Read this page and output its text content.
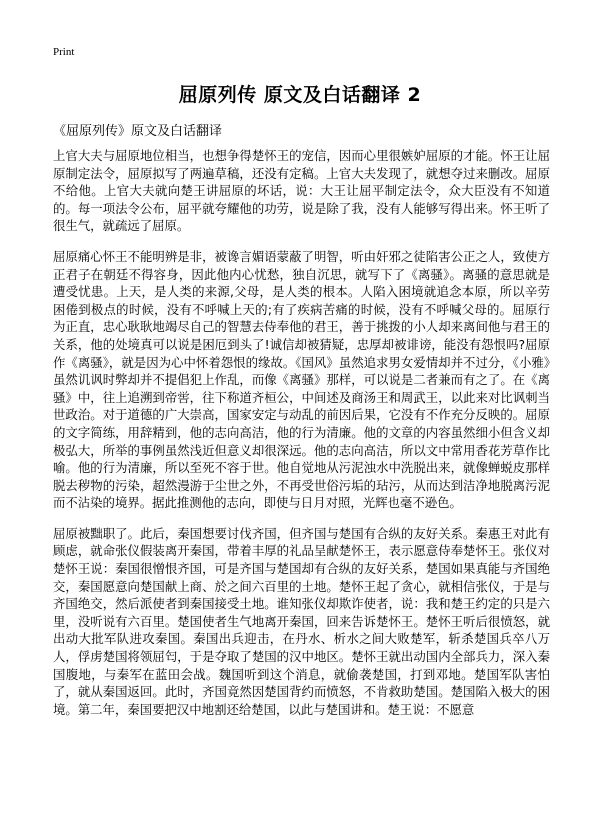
Print
屈原列传 原文及白话翻译 2
《屈原列传》原文及白话翻译

上官大夫与屈原地位相当，也想争得楚怀王的宠信，因而心里很嫉妒屈原的才能。怀王让屈原制定法令，屈原拟写了两遍草稿，还没有定稿。上官大夫发现了，就想夺过来删改。屈原不给他。上官大夫就向楚王讲屈原的坏话，说：大王让屈平制定法令，众大臣没有不知道的。每一项法令公布，屈平就夸耀他的功劳，说是除了我，没有人能够写得出来。怀王听了很生气，就疏远了屈原。

屈原痛心怀王不能明辨是非，被谗言媚语蒙蔽了明智，听由奸邪之徒陷害公正之人，致使方正君子在朝廷不得容身，因此他内心忧愁，独自沉思，就写下了《离骚》。离骚的意思就是遭受忧患。上天，是人类的来源,父母，是人类的根本。人陷入困境就追念本原，所以辛劳困倦到极点的时候，没有不呼喊上天的;有了疾病苦痛的时候，没有不呼喊父母的。屈原行为正直，忠心耿耿地竭尽自己的智慧去侍奉他的君王，善于挑拨的小人却来离间他与君王的关系，他的处境真可以说是困厄到头了!诚信却被猜疑，忠厚却被诽谤，能没有怨恨吗?屈原作《离骚》，就是因为心中怀着怨恨的缘故。《国风》虽然追求男女爱情却并不过分，《小雅》虽然讥讽时弊却并不提倡犯上作乱，而像《离骚》那样，可以说是二者兼而有之了。在《离骚》中，往上追溯到帝喾，往下称道齐桓公，中间述及商汤王和周武王，以此来对比讽刺当世政治。对于道德的广大崇高，国家安定与动乱的前因后果，它没有不作充分反映的。屈原的文字简练，用辞精到，他的志向高洁，他的行为清廉。他的文章的内容虽然细小但含义却极弘大，所举的事例虽然浅近但意义却很深远。他的志向高洁，所以文中常用香花芳草作比喻。他的行为清廉，所以至死不容于世。他自觉地从污泥浊水中洗脱出来，就像蝉蜕皮那样脱去秽物的污染，超然漫游于尘世之外，不再受世俗污垢的玷污，从而达到洁净地脱离污泥而不沾染的境界。据此推测他的志向，即使与日月对照，光辉也毫不逊色。

屈原被黜职了。此后，秦国想要讨伐齐国，但齐国与楚国有合纵的友好关系。秦惠王对此有顾虑，就命张仪假装离开秦国，带着丰厚的礼品呈献楚怀王，表示愿意侍奉楚怀王。张仪对楚怀王说：秦国很憎恨齐国，可是齐国与楚国却有合纵的友好关系，楚国如果真能与齐国绝交，秦国愿意向楚国献上商、於之间六百里的土地。楚怀王起了贪心，就相信张仪，于是与齐国绝交，然后派使者到秦国接受土地。谁知张仪却欺诈使者，说：我和楚王约定的只是六里，没听说有六百里。楚国使者生气地离开秦国，回来告诉楚怀王。楚怀王听后很愤怒，就出动大批军队进攻秦国。秦国出兵迎击，在丹水、析水之间大败楚军，斩杀楚国兵卒八万人，俘虏楚国将领屈匄，于是夺取了楚国的汉中地区。楚怀王就出动国内全部兵力，深入秦国腹地，与秦军在蓝田会战。魏国听到这个消息，就偷袭楚国，打到邓地。楚国军队害怕了，就从秦国返回。此时，齐国竟然因楚国背约而愤怒，不肯救助楚国。楚国陷入极大的困境。第二年，秦国要把汉中地割还给楚国，以此与楚国讲和。楚王说：不愿意
